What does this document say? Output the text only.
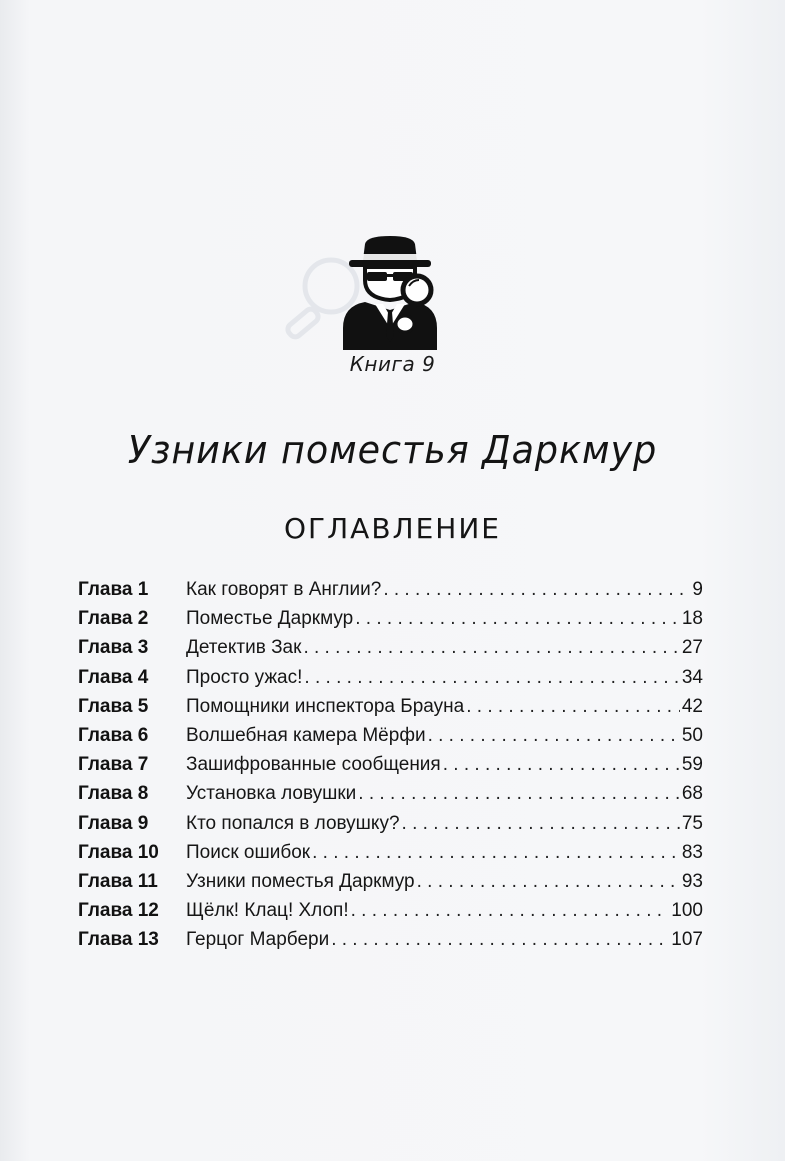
Книга 9
Узники поместья Даркмур
ОГЛАВЛЕНИЕ
Глава 1	Как говорят в Англии? . . .	9
Глава 2	Поместье Даркмур . . .	18
Глава 3	Детектив Зак . . .	27
Глава 4	Просто ужас! . . .	34
Глава 5	Помощники инспектора Брауна . . .	42
Глава 6	Волшебная камера Мёрфи . . .	50
Глава 7	Зашифрованные сообщения . . .	59
Глава 8	Установка ловушки . . .	68
Глава 9	Кто попался в ловушку? . . .	75
Глава 10	Поиск ошибок . . .	83
Глава 11	Узники поместья Даркмур . . .	93
Глава 12	Щёлк! Клац! Хлоп! . . .	100
Глава 13	Герцог Марбери . . .	107
